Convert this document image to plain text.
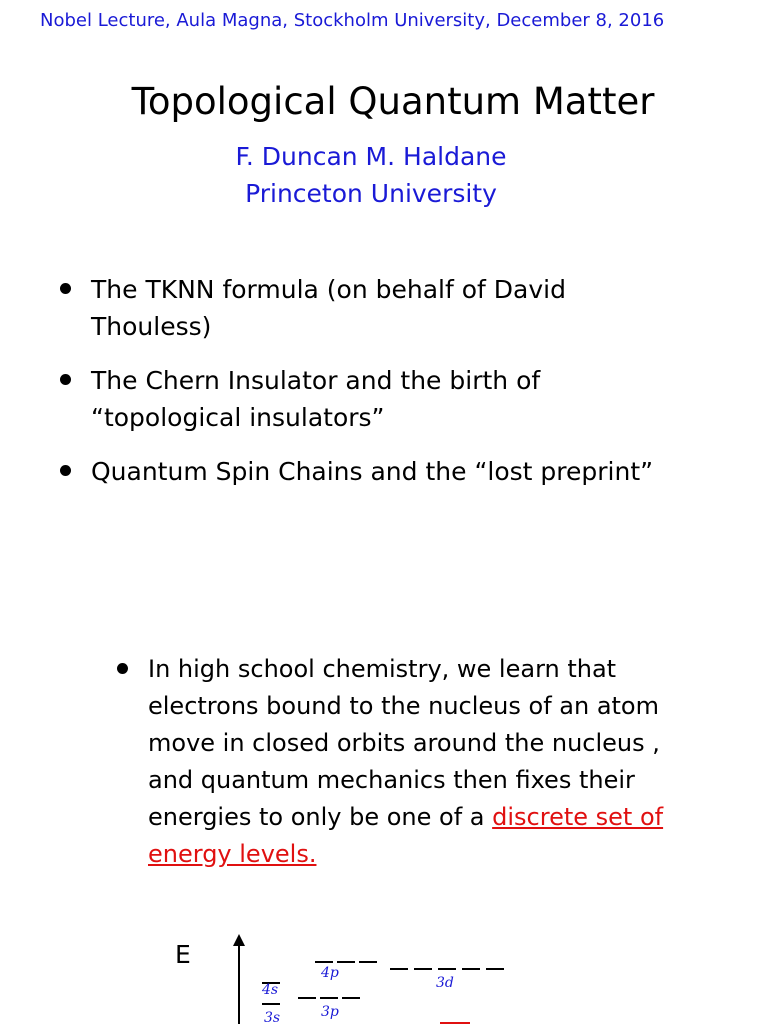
Nobel Lecture, Aula Magna, Stockholm University, December 8, 2016
Topological Quantum Matter
F. Duncan M. Haldane
Princeton University
The TKNN formula (on behalf of David Thouless)
The Chern Insulator and the birth of “topological insulators”
Quantum Spin Chains and the “lost preprint”
In high school chemistry, we learn that electrons bound to the nucleus of an atom move in closed orbits around the nucleus , and quantum mechanics then fixes their energies to only be one of a discrete set of energy levels.
E
4s
3s
4p
3p
3d
